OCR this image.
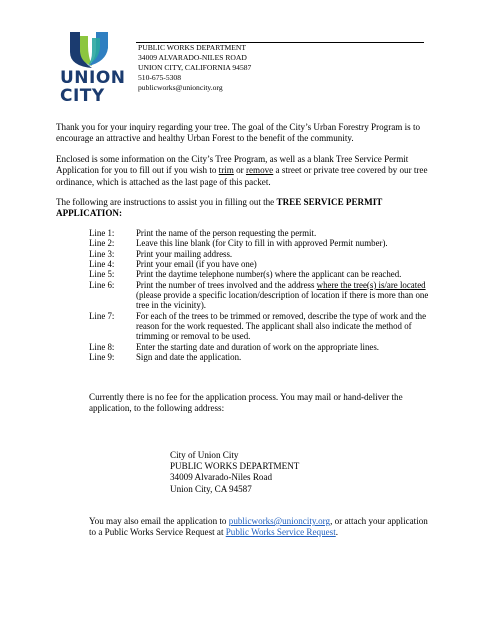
UNION
CITY
PUBLIC WORKS DEPARTMENT
34009 ALVARADO-NILES ROAD
UNION CITY, CALIFORNIA 94587
510-675-5308
publicworks@unioncity.org

Thank you for your inquiry regarding your tree. The goal of the City’s Urban Forestry Program is to encourage an attractive and healthy Urban Forest to the benefit of the community.

Enclosed is some information on the City’s Tree Program, as well as a blank Tree Service Permit Application for you to fill out if you wish to trim or remove a street or private tree covered by our tree ordinance, which is attached as the last page of this packet.

The following are instructions to assist you in filling out the TREE SERVICE PERMIT APPLICATION:

Line 1:	Print the name of the person requesting the permit.
Line 2:	Leave this line blank (for City to fill in with approved Permit number).
Line 3:	Print your mailing address.
Line 4:	Print your email (if you have one)
Line 5:	Print the daytime telephone number(s) where the applicant can be reached.
Line 6:	Print the number of trees involved and the address where the tree(s) is/are located (please provide a specific location/description of location if there is more than one tree in the vicinity).
Line 7:	For each of the trees to be trimmed or removed, describe the type of work and the reason for the work requested. The applicant shall also indicate the method of trimming or removal to be used.
Line 8:	Enter the starting date and duration of work on the appropriate lines.
Line 9:	Sign and date the application.

Currently there is no fee for the application process. You may mail or hand-deliver the application, to the following address:

City of Union City
PUBLIC WORKS DEPARTMENT
34009 Alvarado-Niles Road
Union City, CA 94587

You may also email the application to publicworks@unioncity.org, or attach your application to a Public Works Service Request at Public Works Service Request.
